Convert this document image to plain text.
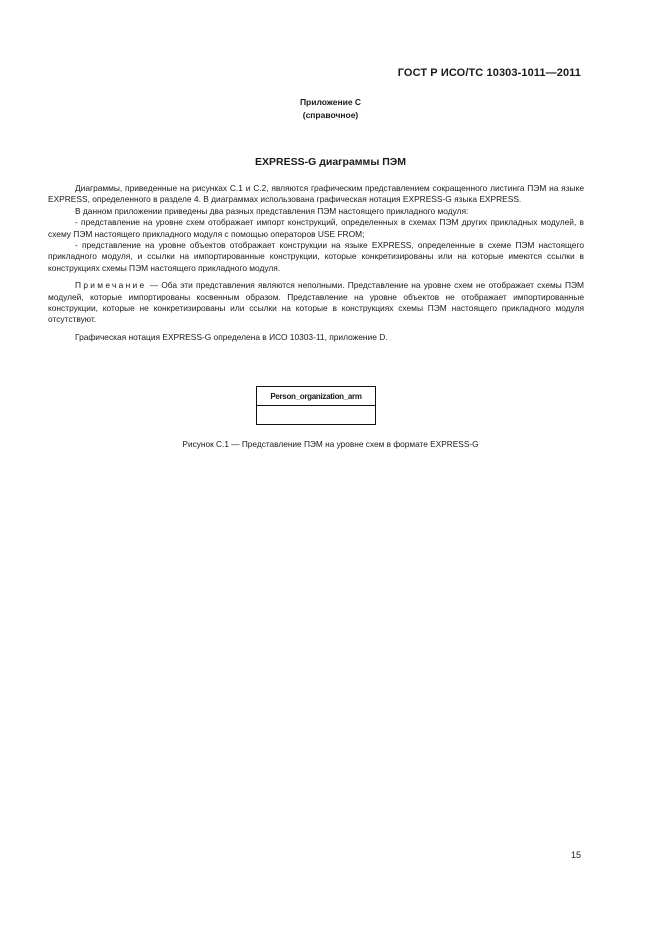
ГОСТ Р ИСО/ТС 10303-1011—2011
Приложение С
(справочное)
EXPRESS-G диаграммы ПЭМ

Диаграммы, приведенные на рисунках С.1 и С.2, являются графическим представлением сокращенного листинга ПЭМ на языке EXPRESS, определенного в разделе 4. В диаграммах использована графическая нотация EXPRESS-G языка EXPRESS.

В данном приложении приведены два разных представления ПЭМ настоящего прикладного модуля:

- представление на уровне схем отображает импорт конструкций, определенных в схемах ПЭМ других прикладных модулей, в схему ПЭМ настоящего прикладного модуля с помощью операторов USE FROM;

- представление на уровне объектов отображает конструкции на языке EXPRESS, определенные в схеме ПЭМ настоящего прикладного модуля, и ссылки на импортированные конструкции, которые конкретизированы или на которые имеются ссылки в конструкциях схемы ПЭМ настоящего прикладного модуля.

Примечание — Оба эти представления являются неполными. Представление на уровне схем не отображает схемы ПЭМ модулей, которые импортированы косвенным образом. Представление на уровне объектов не отображает импортированные конструкции, которые не конкретизированы или ссылки на которые в конструкциях схемы ПЭМ настоящего прикладного модуля отсутствуют.

Графическая нотация EXPRESS-G определена в ИСО 10303-11, приложение D.

Person_organization_arm
Рисунок С.1 — Представление ПЭМ на уровне схем в формате EXPRESS-G
15
